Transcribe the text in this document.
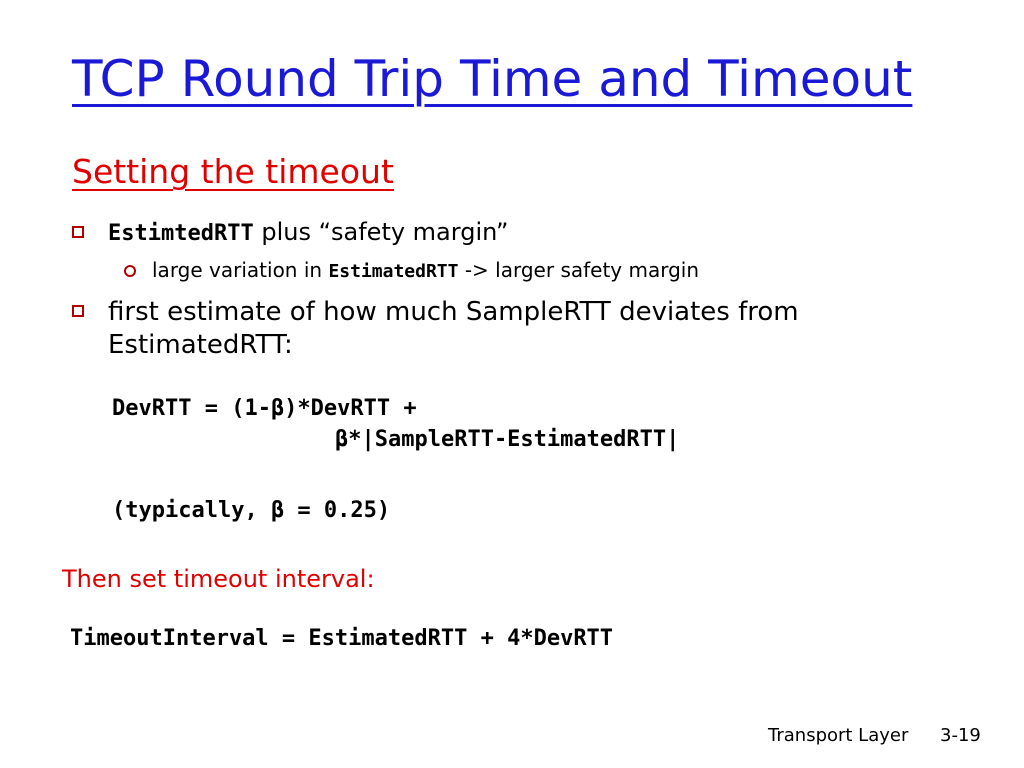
TCP Round Trip Time and Timeout
Setting the timeout
EstimtedRTT plus “safety margin”
large variation in EstimatedRTT -> larger safety margin
first estimate of how much SampleRTT deviates from
EstimatedRTT:
DevRTT = (1-β)*DevRTT +
β*|SampleRTT-EstimatedRTT|
(typically, β = 0.25)
Then set timeout interval:
TimeoutInterval = EstimatedRTT + 4*DevRTT
Transport Layer 3-19
